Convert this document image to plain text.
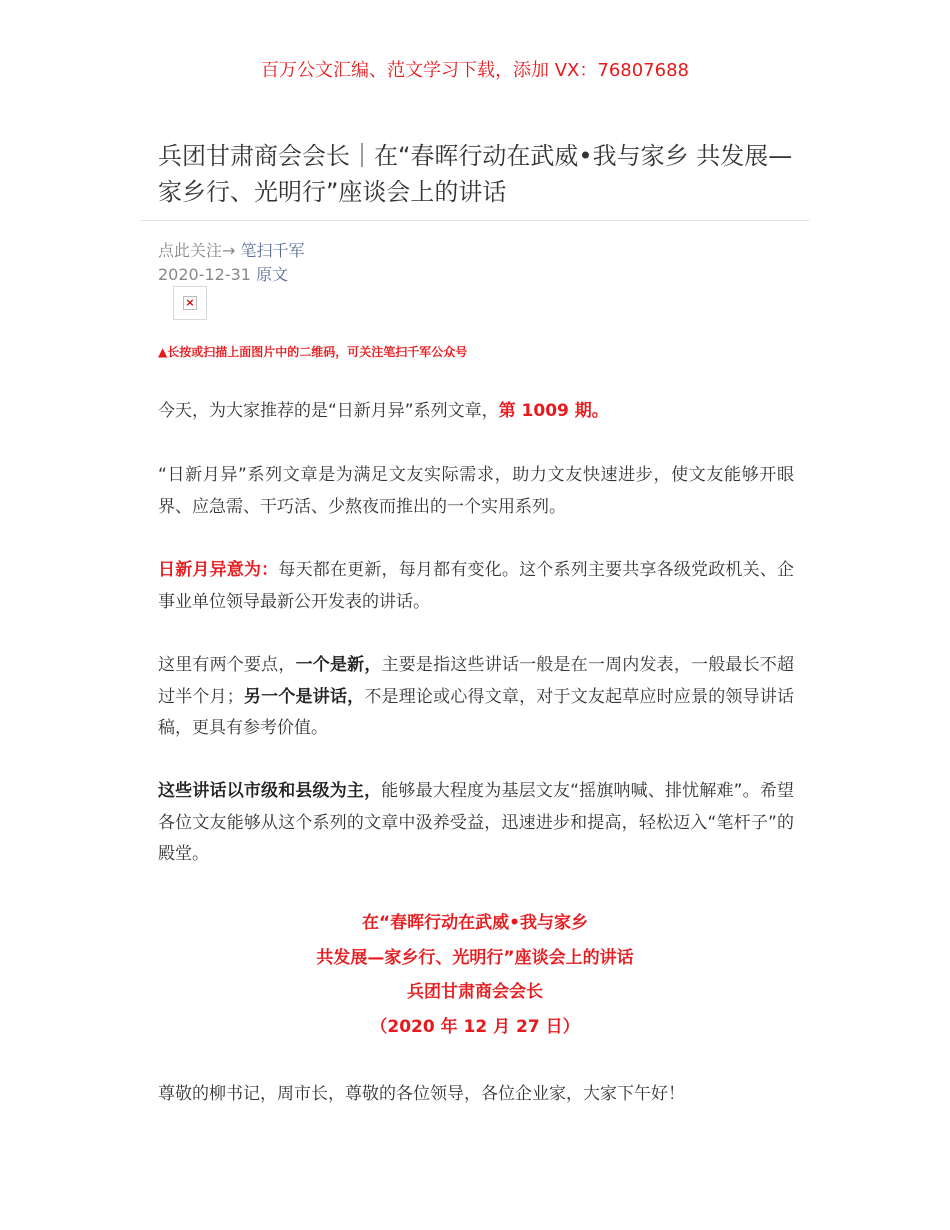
百万公文汇编、范文学习下载，添加 VX：76807688
兵团甘肃商会会长｜在“春晖行动在武威•我与家乡 共发展—家乡行、光明行”座谈会上的讲话
点此关注→ 笔扫千军
2020-12-31 原文
×
▲长按或扫描上面图片中的二维码，可关注笔扫千军公众号
今天，为大家推荐的是“日新月异”系列文章，第 1009 期。
“日新月异”系列文章是为满足文友实际需求，助力文友快速进步，使文友能够开眼界、应急需、干巧活、少熬夜而推出的一个实用系列。
日新月异意为：每天都在更新，每月都有变化。这个系列主要共享各级党政机关、企事业单位领导最新公开发表的讲话。
这里有两个要点，一个是新，主要是指这些讲话一般是在一周内发表，一般最长不超过半个月；另一个是讲话，不是理论或心得文章，对于文友起草应时应景的领导讲话稿，更具有参考价值。
这些讲话以市级和县级为主，能够最大程度为基层文友“摇旗呐喊、排忧解难”。希望各位文友能够从这个系列的文章中汲养受益，迅速进步和提高，轻松迈入“笔杆子”的殿堂。
在“春晖行动在武威•我与家乡
共发展—家乡行、光明行”座谈会上的讲话
兵团甘肃商会会长
（2020 年 12 月 27 日）
尊敬的柳书记，周市长，尊敬的各位领导，各位企业家，大家下午好！
